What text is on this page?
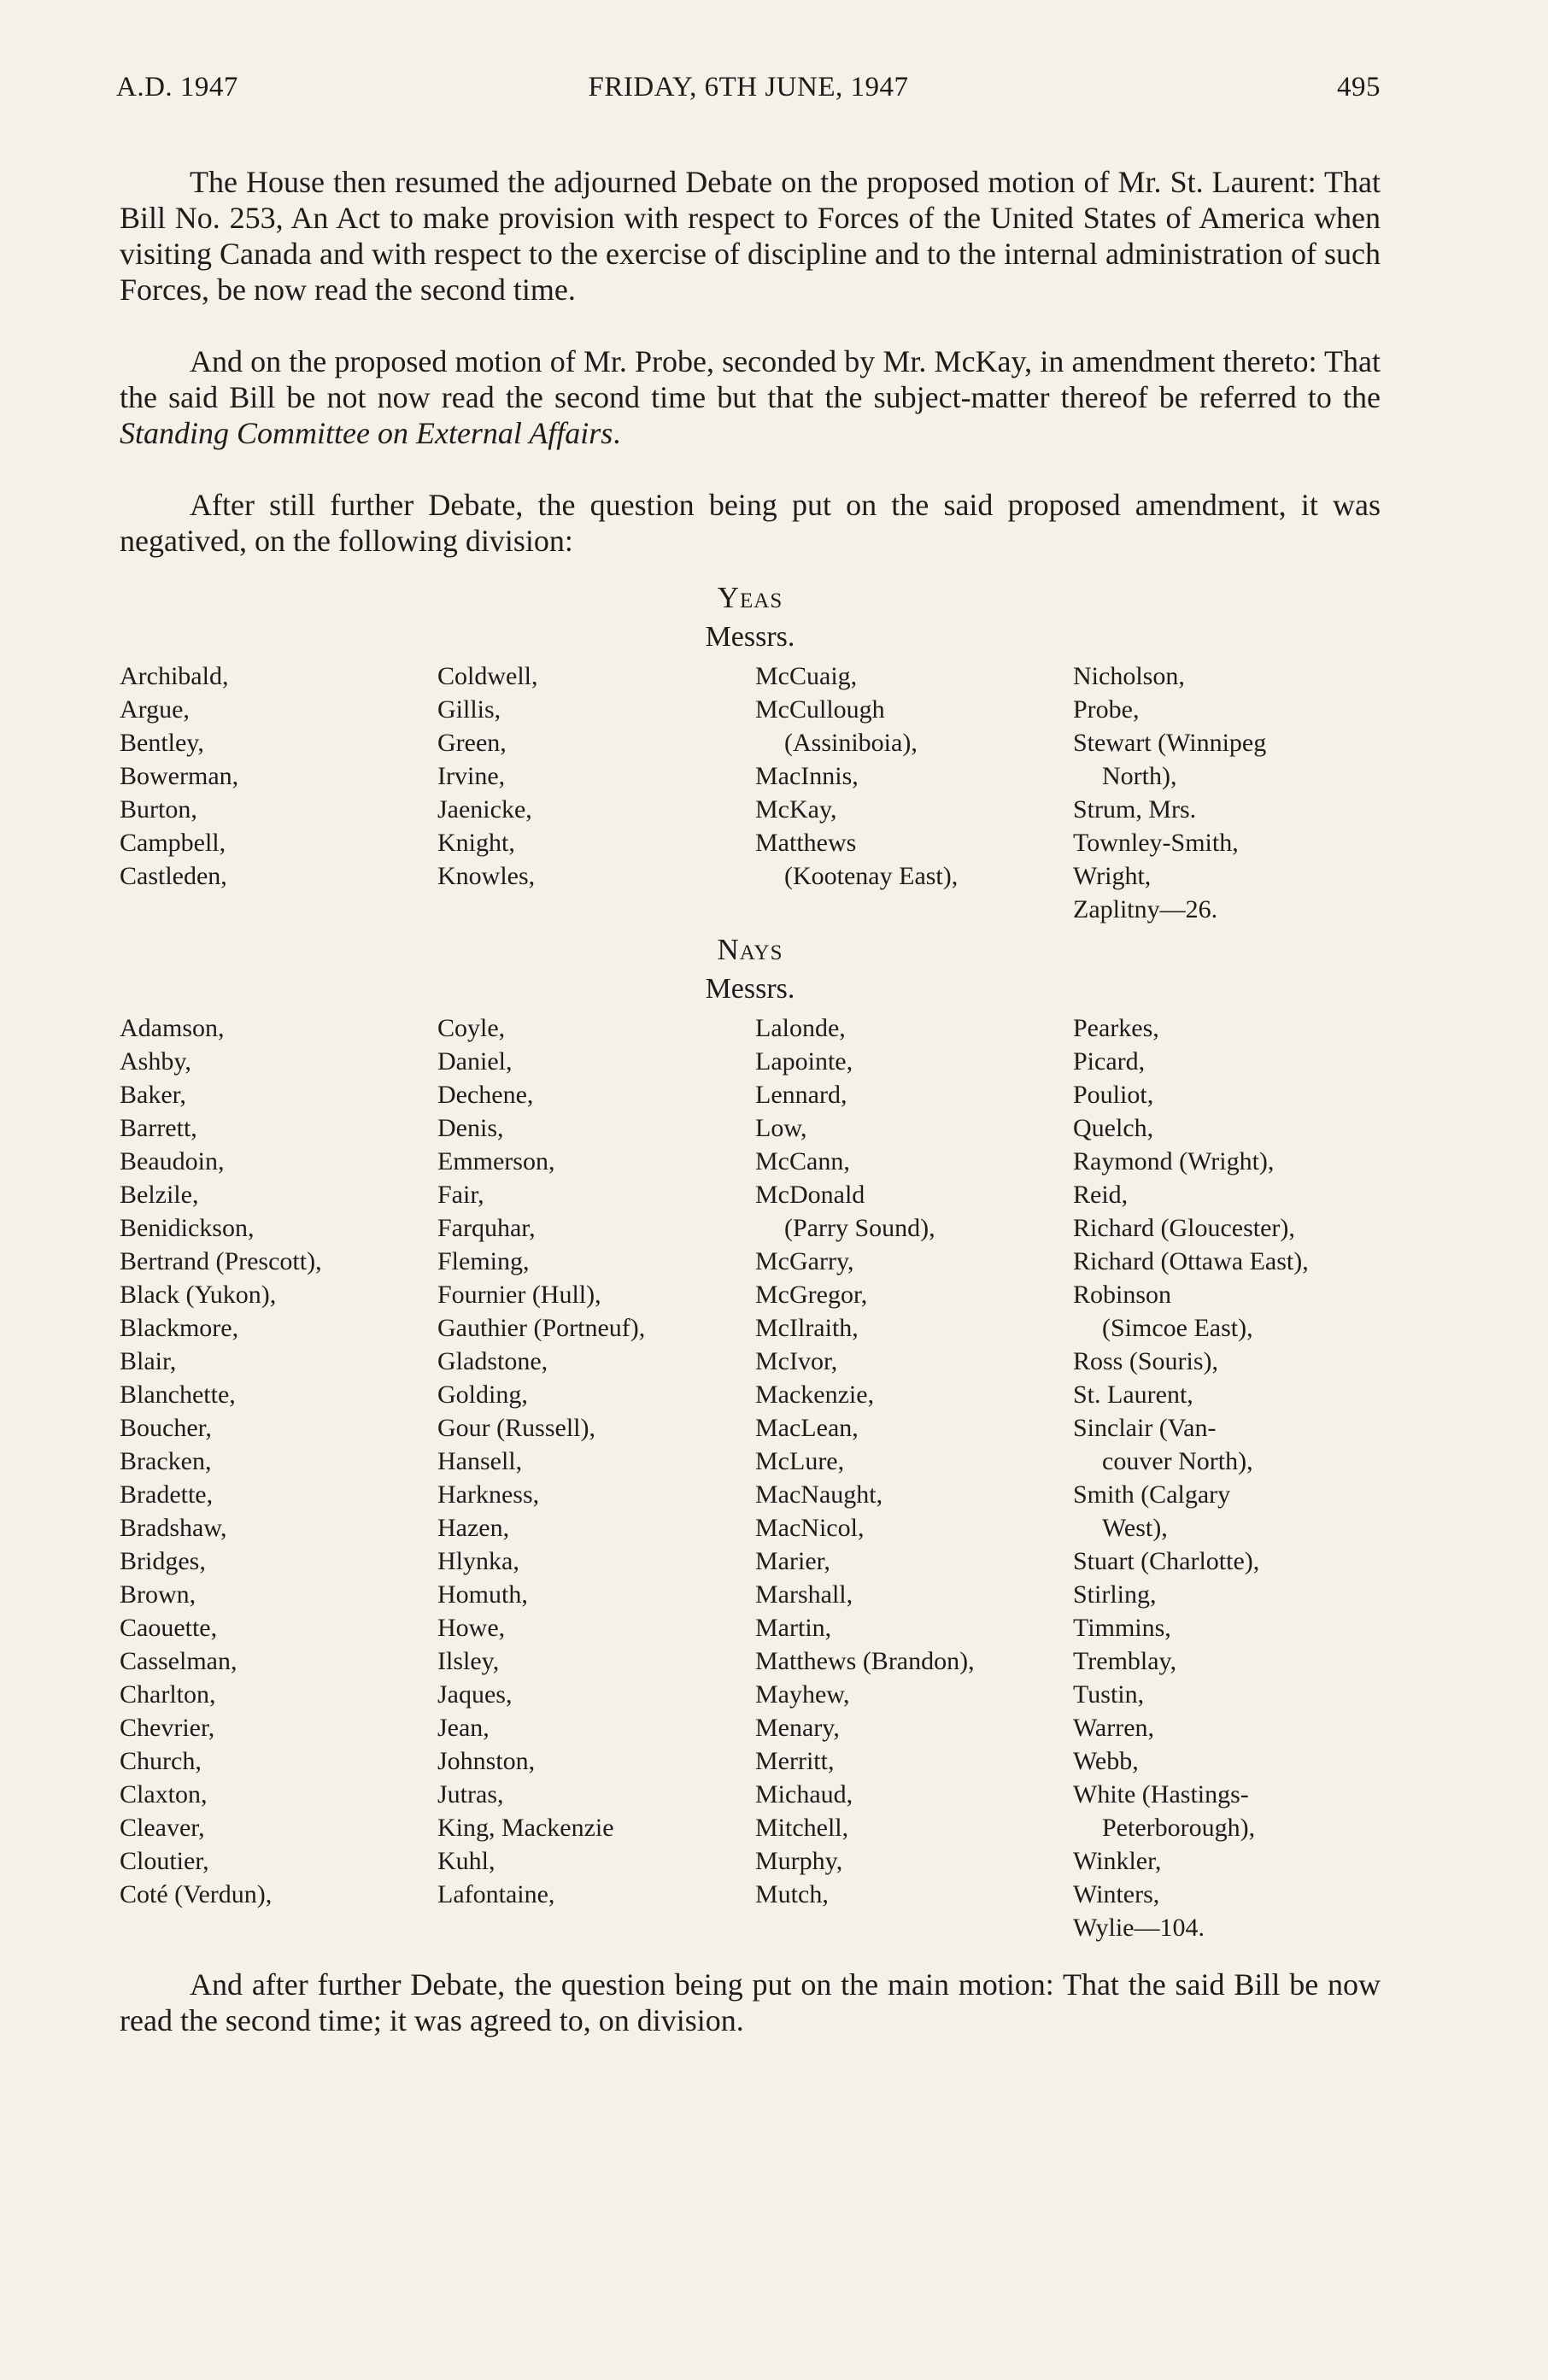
A.D. 1947	FRIDAY, 6TH JUNE, 1947	495

The House then resumed the adjourned Debate on the proposed motion of Mr. St. Laurent: That Bill No. 253, An Act to make provision with respect to Forces of the United States of America when visiting Canada and with respect to the exercise of discipline and to the internal administration of such Forces, be now read the second time.

And on the proposed motion of Mr. Probe, seconded by Mr. McKay, in amendment thereto: That the said Bill be not now read the second time but that the subject-matter thereof be referred to the Standing Committee on External Affairs.

After still further Debate, the question being put on the said proposed amendment, it was negatived, on the following division:

Yeas

Messrs.

Archibald,
Argue,
Bentley,
Bowerman,
Burton,
Campbell,
Castleden,
Coldwell,
Gillis,
Green,
Irvine,
Jaenicke,
Knight,
Knowles,
McCuaig,
McCullough
(Assiniboia),
MacInnis,
McKay,
Matthews
(Kootenay East),
Nicholson,
Probe,
Stewart (Winnipeg
North),
Strum, Mrs.
Townley-Smith,
Wright,
Zaplitny—26.

Nays

Messrs.

Adamson,
Ashby,
Baker,
Barrett,
Beaudoin,
Belzile,
Benidickson,
Bertrand (Prescott),
Black (Yukon),
Blackmore,
Blair,
Blanchette,
Boucher,
Bracken,
Bradette,
Bradshaw,
Bridges,
Brown,
Caouette,
Casselman,
Charlton,
Chevrier,
Church,
Claxton,
Cleaver,
Cloutier,
Coté (Verdun),
Coyle,
Daniel,
Dechene,
Denis,
Emmerson,
Fair,
Farquhar,
Fleming,
Fournier (Hull),
Gauthier (Portneuf),
Gladstone,
Golding,
Gour (Russell),
Hansell,
Harkness,
Hazen,
Hlynka,
Homuth,
Howe,
Ilsley,
Jaques,
Jean,
Johnston,
Jutras,
King, Mackenzie
Kuhl,
Lafontaine,
Lalonde,
Lapointe,
Lennard,
Low,
McCann,
McDonald
(Parry Sound),
McGarry,
McGregor,
McIlraith,
McIvor,
Mackenzie,
MacLean,
McLure,
MacNaught,
MacNicol,
Marier,
Marshall,
Martin,
Matthews (Brandon),
Mayhew,
Menary,
Merritt,
Michaud,
Mitchell,
Murphy,
Mutch,
Pearkes,
Picard,
Pouliot,
Quelch,
Raymond (Wright),
Reid,
Richard (Gloucester),
Richard (Ottawa East),
Robinson
(Simcoe East),
Ross (Souris),
St. Laurent,
Sinclair (Van-
couver North),
Smith (Calgary
West),
Stuart (Charlotte),
Stirling,
Timmins,
Tremblay,
Tustin,
Warren,
Webb,
White (Hastings-
Peterborough),
Winkler,
Winters,
Wylie—104.

And after further Debate, the question being put on the main motion: That the said Bill be now read the second time; it was agreed to, on division.
